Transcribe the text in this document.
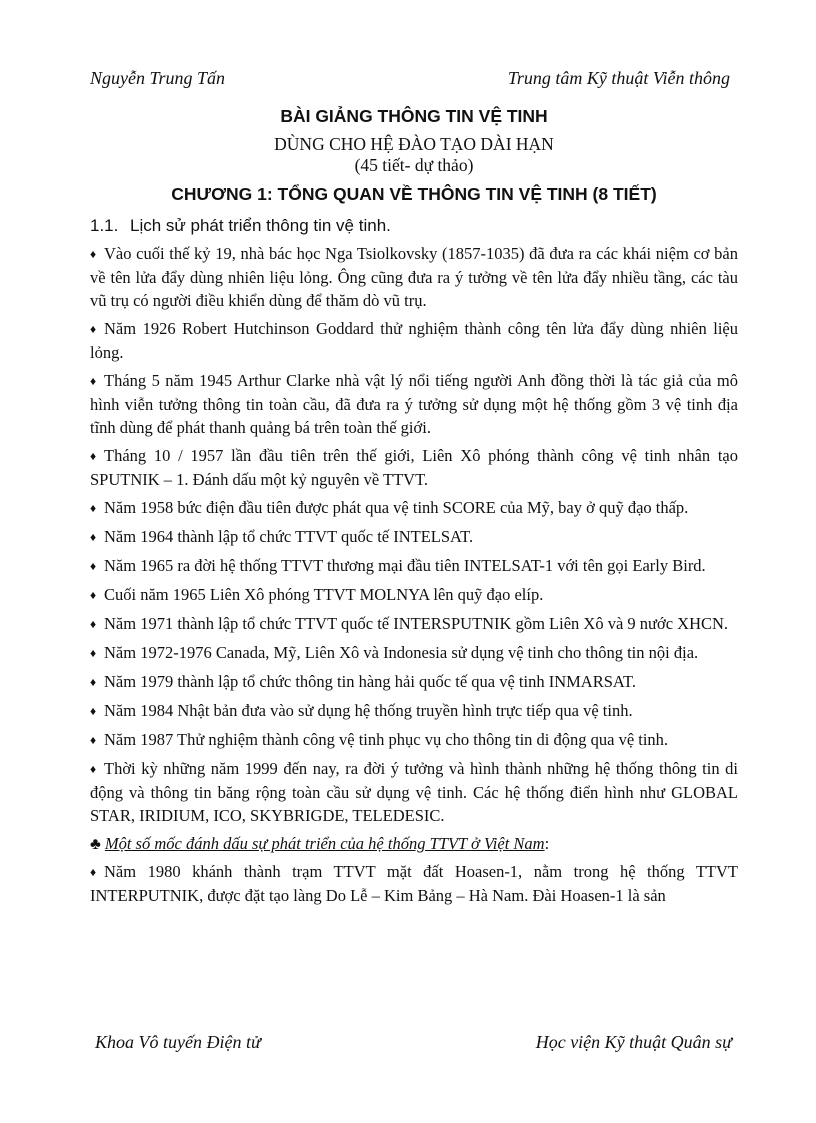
Nguyễn Trung Tấn	Trung tâm Kỹ thuật Viễn thông

BÀI GIẢNG THÔNG TIN VỆ TINH

DÙNG CHO HỆ ĐÀO TẠO DÀI HẠN

(45 tiết- dự thảo)

CHƯƠNG 1: TỔNG QUAN VỀ THÔNG TIN VỆ TINH (8 TIẾT)

1.1. Lịch sử phát triển thông tin vệ tinh.

♦ Vào cuối thế kỷ 19, nhà bác học Nga Tsiolkovsky (1857-1035) đã đưa ra các khái niệm cơ bản về tên lửa đẩy dùng nhiên liệu lỏng. Ông cũng đưa ra ý tưởng về tên lửa đẩy nhiều tầng, các tàu vũ trụ có người điều khiển dùng để thăm dò vũ trụ.

♦ Năm 1926 Robert Hutchinson Goddard thử nghiệm thành công tên lửa đẩy dùng nhiên liệu lỏng.

♦ Tháng 5 năm 1945 Arthur Clarke nhà vật lý nổi tiếng người Anh đồng thời là tác giả của mô hình viễn tưởng thông tin toàn cầu, đã đưa ra ý tưởng sử dụng một hệ thống gồm 3 vệ tinh địa tĩnh dùng để phát thanh quảng bá trên toàn thế giới.

♦ Tháng 10 / 1957 lần đầu tiên trên thế giới, Liên Xô phóng thành công vệ tinh nhân tạo SPUTNIK – 1. Đánh dấu một kỷ nguyên về TTVT.

♦ Năm 1958 bức điện đầu tiên được phát qua vệ tinh SCORE của Mỹ, bay ở quỹ đạo thấp.

♦ Năm 1964 thành lập tổ chức TTVT quốc tế INTELSAT.

♦ Năm 1965 ra đời hệ thống TTVT thương mại đầu tiên INTELSAT-1 với tên gọi Early Bird.

♦ Cuối năm 1965 Liên Xô phóng TTVT MOLNYA lên quỹ đạo elíp.

♦ Năm 1971 thành lập tổ chức TTVT quốc tế INTERSPUTNIK gồm Liên Xô và 9 nước XHCN.

♦ Năm 1972-1976 Canada, Mỹ, Liên Xô và Indonesia sử dụng vệ tinh cho thông tin nội địa.

♦ Năm 1979 thành lập tổ chức thông tin hàng hải quốc tế qua vệ tinh INMARSAT.

♦ Năm 1984 Nhật bản đưa vào sử dụng hệ thống truyền hình trực tiếp qua vệ tinh.

♦ Năm 1987 Thử nghiệm thành công vệ tinh phục vụ cho thông tin di động qua vệ tinh.

♦ Thời kỳ những năm 1999 đến nay, ra đời ý tưởng và hình thành những hệ thống thông tin di động và thông tin băng rộng toàn cầu sử dụng vệ tinh. Các hệ thống điển hình như GLOBAL STAR, IRIDIUM, ICO, SKYBRIGDE, TELEDESIC.

♣ Một số mốc đánh dấu sự phát triển của hệ thống TTVT ở Việt Nam:

♦ Năm 1980 khánh thành trạm TTVT mặt đất Hoasen-1, nằm trong hệ thống TTVT INTERPUTNIK, được đặt tạo làng Do Lễ – Kim Bảng – Hà Nam. Đài Hoasen-1 là sản

Khoa Vô tuyến Điện tử	Học viện Kỹ thuật Quân sự
